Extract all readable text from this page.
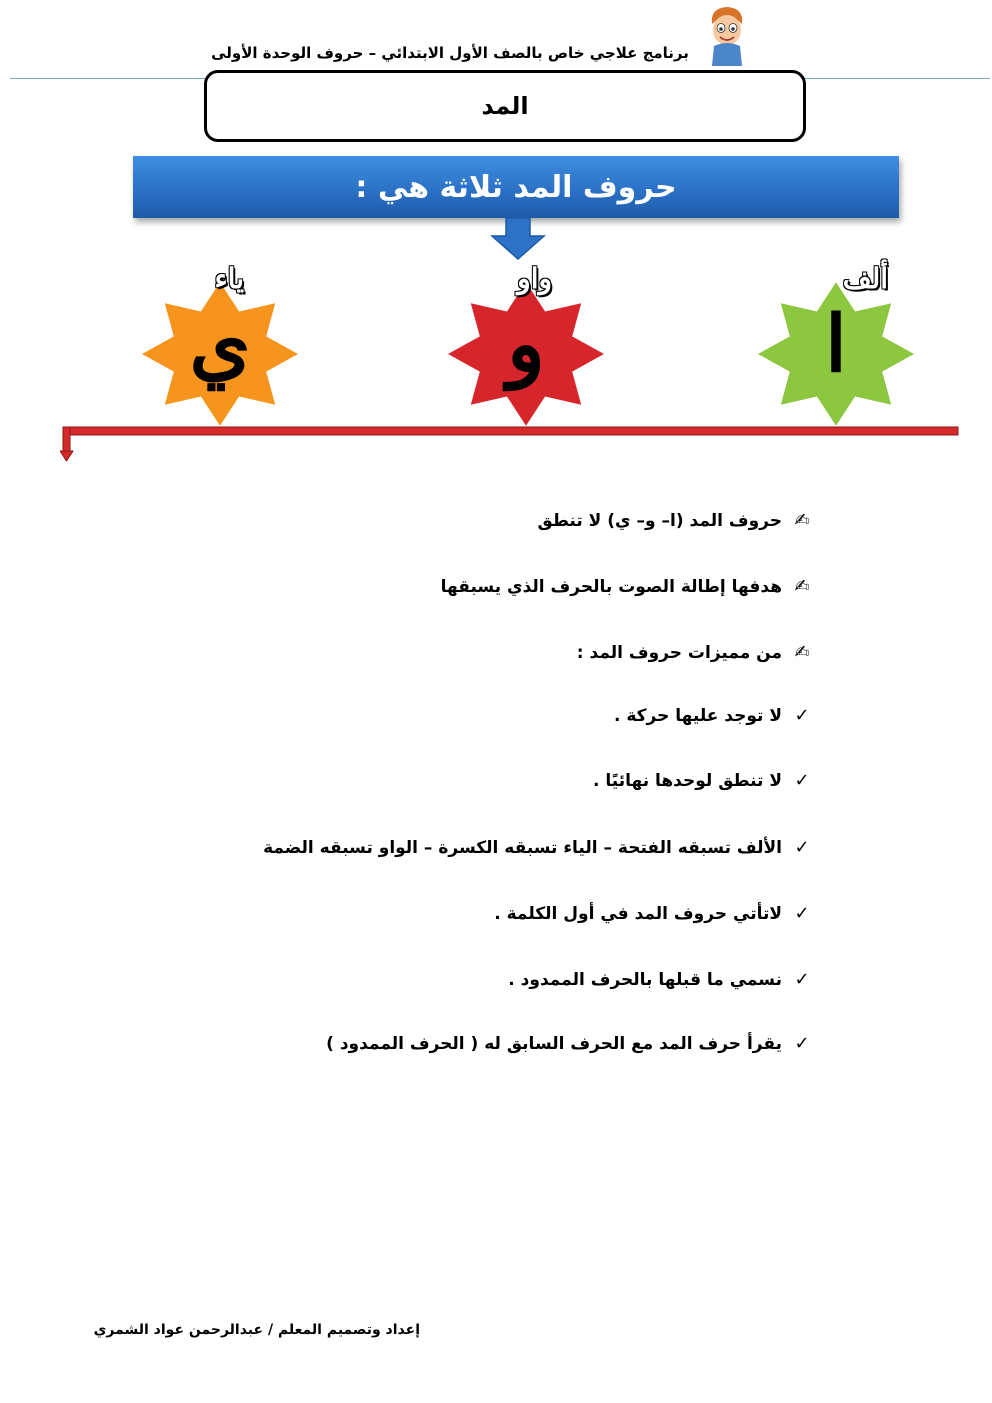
برنامج علاجي خاص بالصف الأول الابتدائي – حروف الوحدة الأولى
المد
حروف المد ثلاثة هي :
ألف
ا
واو
و
ياء
ي
✍
حروف المد (ا– و– ي) لا تنطق
✍
هدفها إطالة الصوت بالحرف الذي يسبقها
✍
من مميزات حروف المد :
✓
لا توجد عليها حركة .
✓
لا تنطق لوحدها نهائيًا .
✓
الألف تسبقه الفتحة – الياء تسبقه الكسرة – الواو تسبقه الضمة
✓
لاتأتي حروف المد في أول الكلمة .
✓
نسمي ما قبلها بالحرف الممدود .
✓
يقرأ حرف المد مع الحرف السابق له ( الحرف الممدود )
إعداد وتصميم المعلم / عبدالرحمن عواد الشمري
